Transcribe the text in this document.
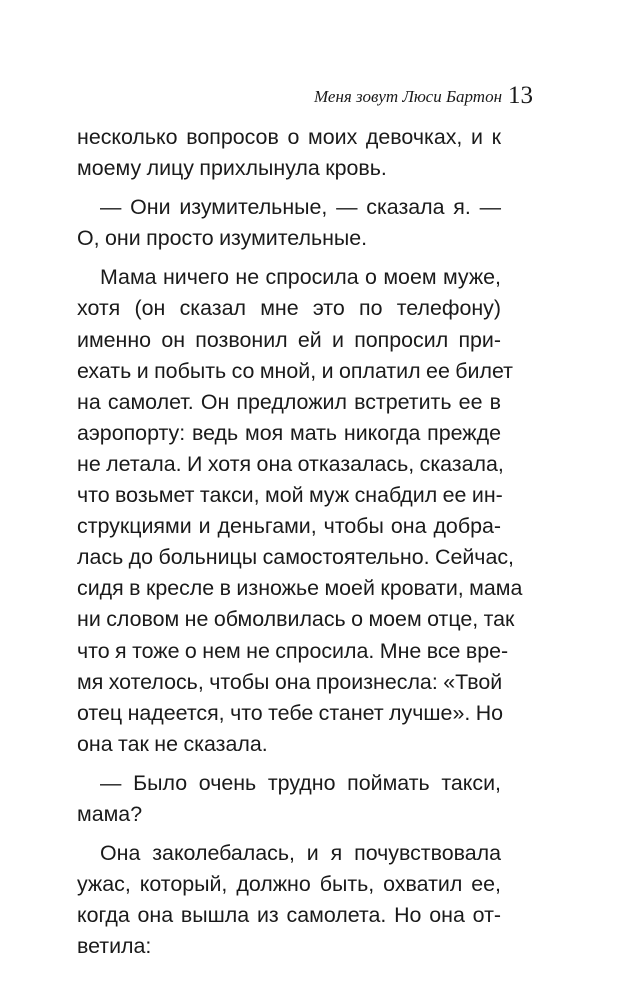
Меня зовут Люси Бартон 13
несколько вопросов о моих девочках, и к
моему лицу прихлынула кровь.
— Они изумительные, — сказала я. —
О, они просто изумительные.
Мама ничего не спросила о моем муже,
хотя (он сказал мне это по телефону)
именно он позвонил ей и попросил при-
ехать и побыть со мной, и оплатил ее билет
на самолет. Он предложил встретить ее в
аэропорту: ведь моя мать никогда прежде
не летала. И хотя она отказалась, сказала,
что возьмет такси, мой муж снабдил ее ин-
струкциями и деньгами, чтобы она добра-
лась до больницы самостоятельно. Сейчас,
сидя в кресле в изножье моей кровати, мама
ни словом не обмолвилась о моем отце, так
что я тоже о нем не спросила. Мне все вре-
мя хотелось, чтобы она произнесла: «Твой
отец надеется, что тебе станет лучше». Но
она так не сказала.
— Было очень трудно поймать такси,
мама?
Она заколебалась, и я почувствовала
ужас, который, должно быть, охватил ее,
когда она вышла из самолета. Но она от-
ветила:
